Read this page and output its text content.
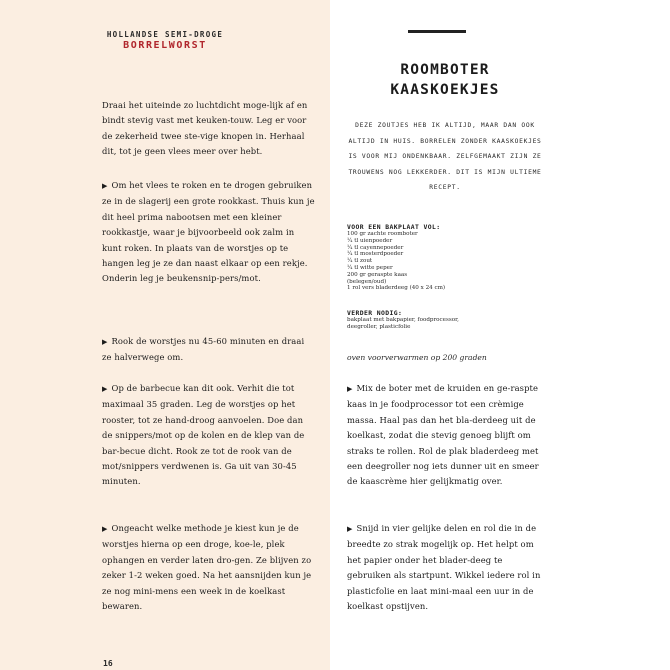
HOLLANDSE SEMI-DROGE
BORRELWORST

Draai het uiteinde zo luchtdicht moge-lijk af en bindt stevig vast met keuken-touw. Leg er voor de zekerheid twee ste-vige knopen in. Herhaal dit, tot je geen vlees meer over hebt.

▶ Om het vlees te roken en te drogen gebruiken ze in de slagerij een grote rookkast. Thuis kun je dit heel prima nabootsen met een kleiner rookkastje, waar je bijvoorbeeld ook zalm in kunt roken. In plaats van de worstjes op te hangen leg je ze dan naast elkaar op een rekje. Onderin leg je beukensnip-pers/mot.

▶ Rook de worstjes nu 45-60 minuten en draai ze halverwege om.

▶ Op de barbecue kan dit ook. Verhit die tot maximaal 35 graden. Leg de worstjes op het rooster, tot ze hand-droog aanvoelen. Doe dan de snippers/mot op de kolen en de klep van de bar-becue dicht. Rook ze tot de rook van de mot/snippers verdwenen is. Ga uit van 30-45 minuten.

▶ Ongeacht welke methode je kiest kun je de worstjes hierna op een droge, koe-le, plek ophangen en verder laten dro-gen. Ze blijven zo zeker 1-2 weken goed. Na het aansnijden kun je ze nog mini-mens een week in de koelkast bewaren.

16
ROOMBOTER
KAASKOEKJES

DEZE ZOUTJES HEB IK ALTIJD, MAAR DAN OOK ALTIJD IN HUIS. BORRELEN ZONDER KAASKOEKJES IS VOOR MIJ ONDENKBAAR. ZELFGEMAAKT ZIJN ZE TROUWENS NOG LEKKERDER. DIT IS MIJN ULTIEME RECEPT.

VOOR EEN BAKPLAAT VOL:
100 gr zachte roomboter
¼ tl uienpoeder
¼ tl cayennepoeder
¼ tl mosterdpoeder
¼ tl zout
¼ tl witte peper
200 gr geraspte kaas
(belegen/oud)
1 rol vers bladerdeeg (40 x 24 cm)
VERDER NODIG:
bakplaat met bakpapier, foodprocessor,
deegroller, plasticfolie
oven voorverwarmen op 200 graden

▶ Mix de boter met de kruiden en ge-raspte kaas in je foodprocessor tot een crèmige massa. Haal pas dan het bla-derdeeg uit de koelkast, zodat die stevig genoeg blijft om straks te rollen. Rol de plak bladerdeeg met een deegroller nog iets dunner uit en smeer de kaascrème hier gelijkmatig over.

▶ Snijd in vier gelijke delen en rol die in de breedte zo strak mogelijk op. Het helpt om het papier onder het blader-deeg te gebruiken als startpunt. Wikkel iedere rol in plasticfolie en laat mini-maal een uur in de koelkast opstijven.
